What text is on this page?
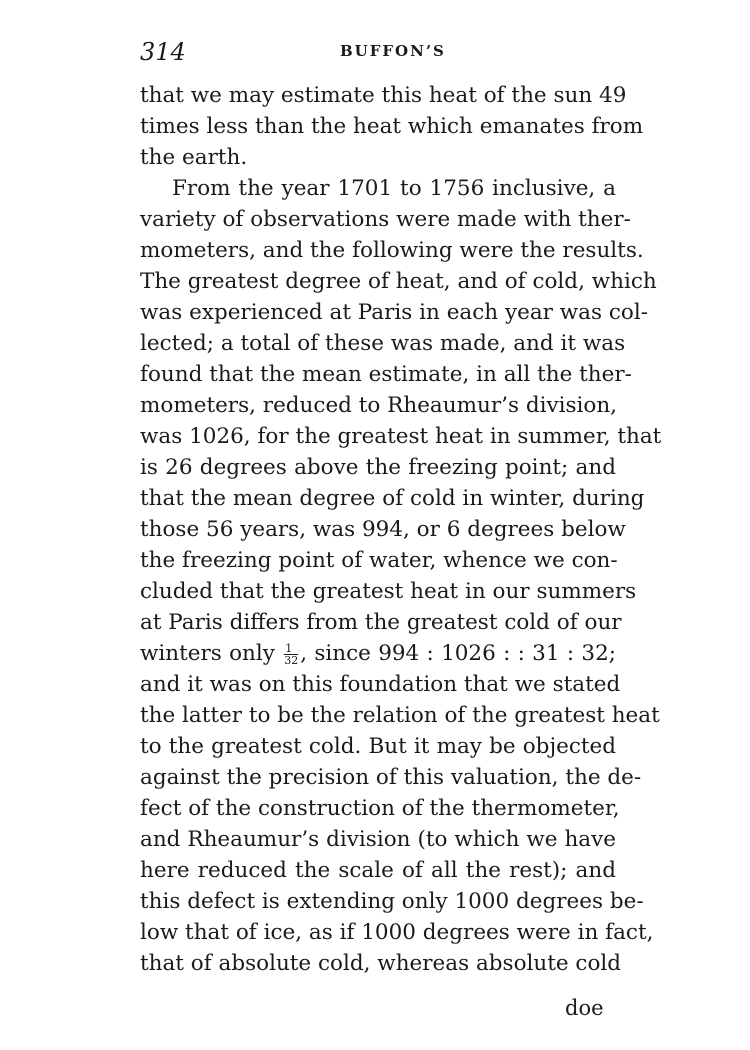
314	BUFFON’S
that we may estimate this heat of the sun 49
times less than the heat which emanates from
the earth.
From the year 1701 to 1756 inclusive, a
variety of observations were made with ther-
mometers, and the following were the results.
The greatest degree of heat, and of cold, which
was experienced at Paris in each year was col-
lected; a total of these was made, and it was
found that the mean estimate, in all the ther-
mometers, reduced to Rheaumur’s division,
was 1026, for the greatest heat in summer, that
is 26 degrees above the freezing point; and
that the mean degree of cold in winter, during
those 56 years, was 994, or 6 degrees below
the freezing point of water, whence we con-
cluded that the greatest heat in our summers
at Paris differs from the greatest cold of our
winters only $\frac{1}{32}$ , since 994 : 1026 : : 31 : 32;
and it was on this foundation that we stated
the latter to be the relation of the greatest heat
to the greatest cold. But it may be objected
against the precision of this valuation, the de-
fect of the construction of the thermometer,
and Rheaumur’s division (to which we have
here reduced the scale of all the rest); and
this defect is extending only 1000 degrees be-
low that of ice, as if 1000 degrees were in fact,
that of absolute cold, whereas absolute cold
doe
